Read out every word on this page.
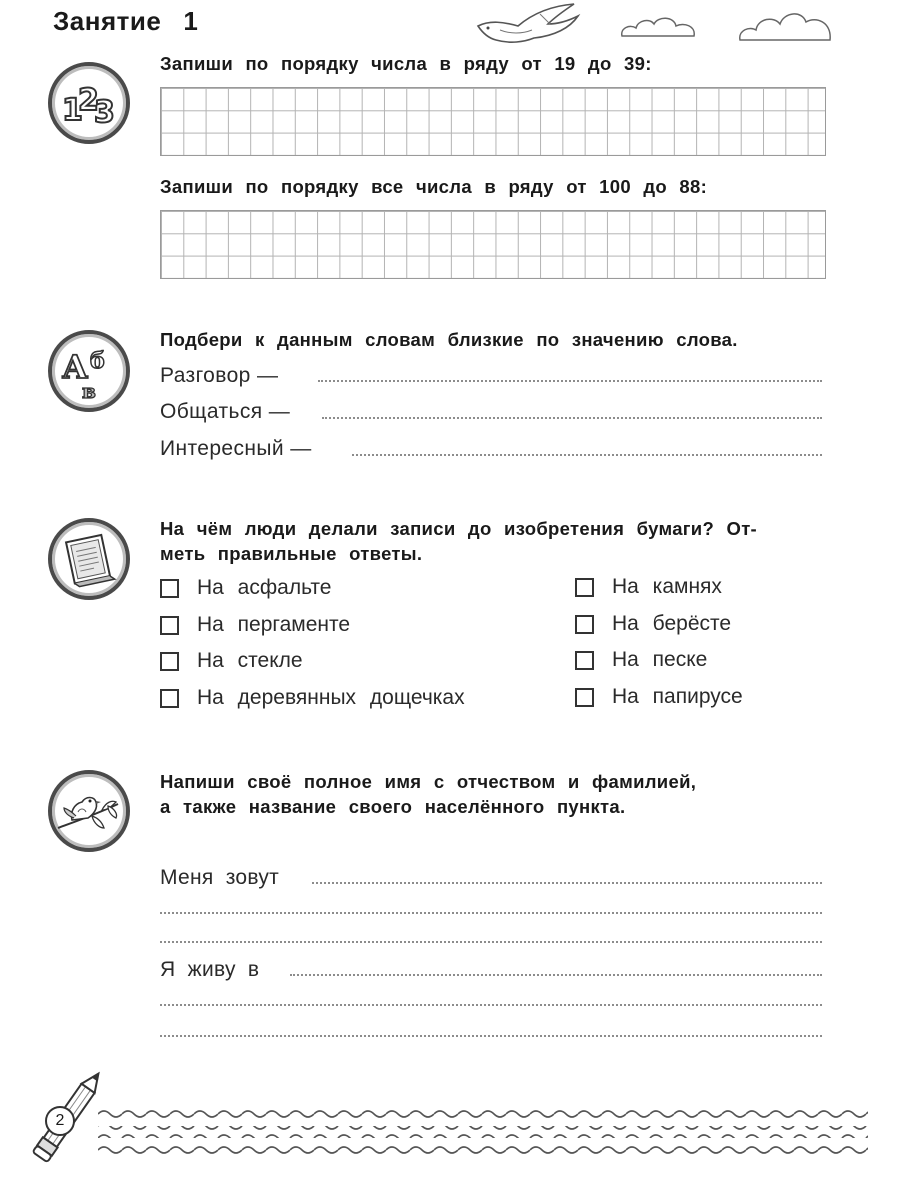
Занятие 1
1
2
3
Запиши по порядку числа в ряду от 19 до 39:
Запиши по порядку все числа в ряду от 100 до 88:
А б
в
Подбери к данным словам близкие по значению слова.
Разговор —
Общаться —
Интересный —
На чём люди делали записи до изобретения бумаги? От-
меть правильные ответы.
На асфальте
На пергаменте
На стекле
На деревянных дощечках
На камнях
На берёсте
На песке
На папирусе
Напиши своё полное имя с отчеством и фамилией,
а также название своего населённого пункта.
Меня зовут
Я живу в
2
